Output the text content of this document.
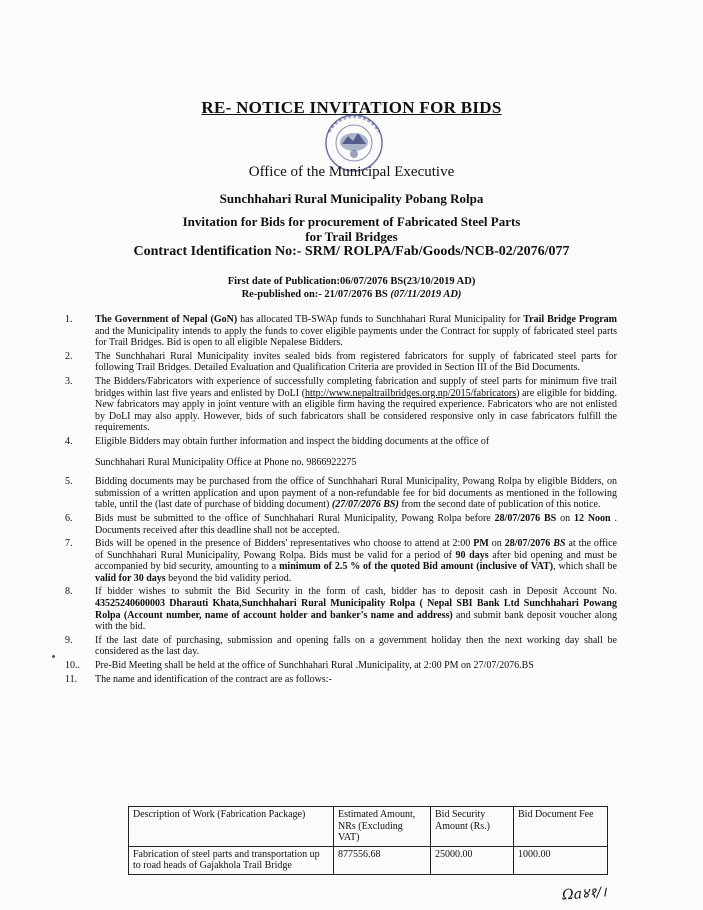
RE- NOTICE INVITATION FOR BIDS
Office of the Municipal Executive
Sunchhahari Rural Municipality Pobang Rolpa
Invitation for Bids for procurement of Fabricated Steel Parts
for Trail Bridges
Contract Identification No:- SRM/ ROLPA/Fab/Goods/NCB-02/2076/077
First date of Publication:06/07/2076 BS(23/10/2019 AD)
Re-published on:- 21/07/2076 BS (07/11/2019 AD)
1.	The Government of Nepal (GoN) has allocated TB-SWAp funds to Sunchhahari Rural Municipality for Trail Bridge Program and the Municipality intends to apply the funds to cover eligible payments under the Contract for supply of fabricated steel parts for Trail Bridges. Bid is open to all eligible Nepalese Bidders.
2.	The Sunchhahari Rural Municipality invites sealed bids from registered fabricators for supply of fabricated steel parts for following Trail Bridges. Detailed Evaluation and Qualification Criteria are provided in Section III of the Bid Documents.
3.	The Bidders/Fabricators with experience of successfully completing fabrication and supply of steel parts for minimum five trail bridges within last five years and enlisted by DoLI (http://www.nepaltrailbridges.org.np/2015/fabricators) are eligible for bidding. New fabricators may apply in joint venture with an eligible firm having the required experience. Fabricators who are not enlisted by DoLI may also apply. However, bids of such fabricators shall be considered responsive only in case fabricators fulfill the requirements.
4.	Eligible Bidders may obtain further information and inspect the bidding documents at the office of
Sunchhahari Rural Municipality Office at Phone no. 9866922275
5.	Bidding documents may be purchased from the office of Sunchhahari Rural Municipality, Powang Rolpa by eligible Bidders, on submission of a written application and upon payment of a non-refundable fee for bid documents as mentioned in the following table, until the (last date of purchase of bidding document) (27/07/2076 BS) from the second date of publication of this notice.
6.	Bids must be submitted to the office of Sunchhahari Rural Municipality, Powang Rolpa before 28/07/2076 BS on 12 Noon . Documents received after this deadline shall not be accepted.
7.	Bids will be opened in the presence of Bidders' representatives who choose to attend at 2:00 PM on 28/07/2076 BS at the office of Sunchhahari Rural Municipality, Powang Rolpa. Bids must be valid for a period of 90 days after bid opening and must be accompanied by bid security, amounting to a minimum of 2.5 % of the quoted Bid amount (inclusive of VAT), which shall be valid for 30 days beyond the bid validity period.
8.	If bidder wishes to submit the Bid Security in the form of cash, bidder has to deposit cash in Deposit Account No. 43525240600003 Dharauti Khata,Sunchhahari Rural Municipality Rolpa ( Nepal SBI Bank Ltd Sunchhahari Powang Rolpa (Account number, name of account holder and banker's name and address) and submit bank deposit voucher along with the bid.
9.	If the last date of purchasing, submission and opening falls on a government holiday then the next working day shall be considered as the last day.
10..	Pre-Bid Meeting shall be held at the office of Sunchhahari Rural .Municipality, at 2:00 PM on 27/07/2076.BS
11.	The name and identification of the contract are as follows:-
Description of Work (Fabrication Package)	Estimated Amount, NRs (Excluding VAT)	Bid Security Amount (Rs.)	Bid Document Fee
Fabrication of steel parts and transportation up to road heads of Gajakhola Trail Bridge	877556.68	25000.00	1000.00
Ωa४१/।
